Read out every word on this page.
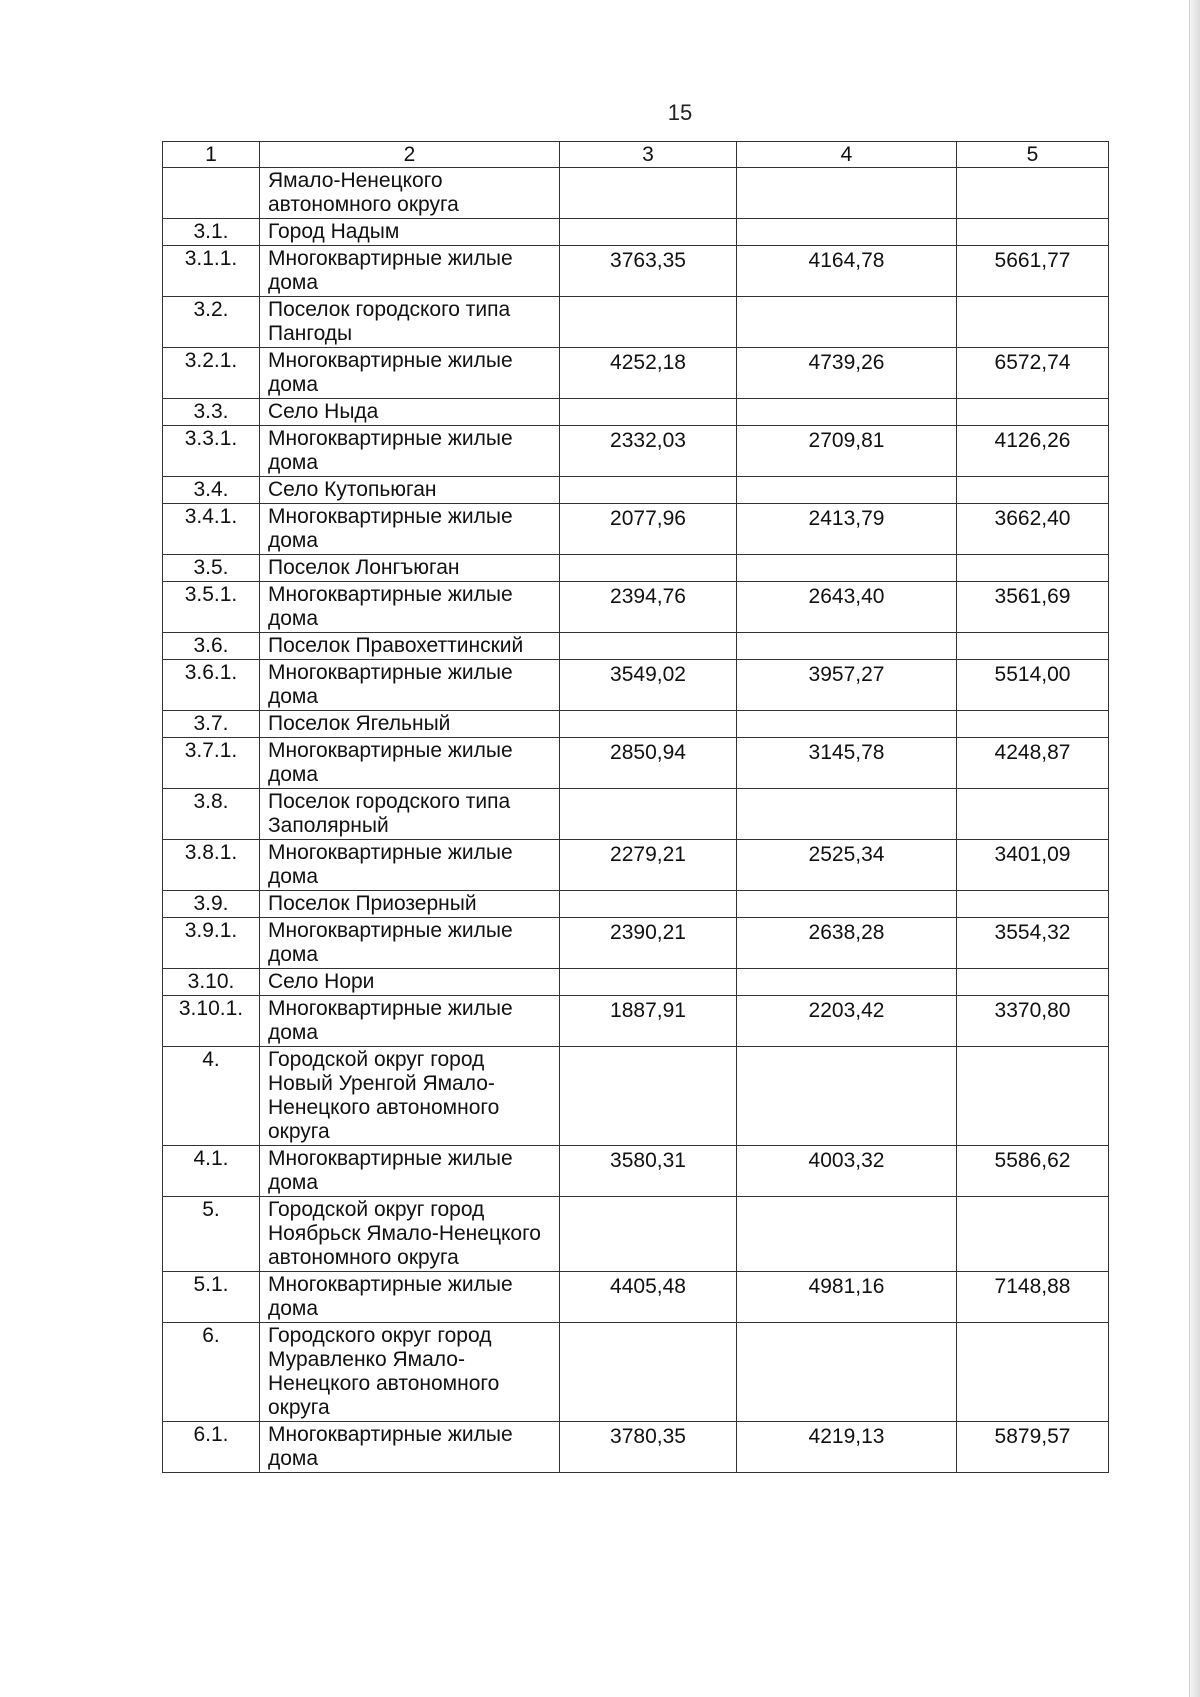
15
1	2	3	4	5
	Ямало-Ненецкого автономного округа			
3.1.	Город Надым			
3.1.1.	Многоквартирные жилые дома	3763,35	4164,78	5661,77
3.2.	Поселок городского типа Пангоды			
3.2.1.	Многоквартирные жилые дома	4252,18	4739,26	6572,74
3.3.	Село Ныда			
3.3.1.	Многоквартирные жилые дома	2332,03	2709,81	4126,26
3.4.	Село Кутопьюган			
3.4.1.	Многоквартирные жилые дома	2077,96	2413,79	3662,40
3.5.	Поселок Лонгъюган			
3.5.1.	Многоквартирные жилые дома	2394,76	2643,40	3561,69
3.6.	Поселок Правохеттинский			
3.6.1.	Многоквартирные жилые дома	3549,02	3957,27	5514,00
3.7.	Поселок Ягельный			
3.7.1.	Многоквартирные жилые дома	2850,94	3145,78	4248,87
3.8.	Поселок городского типа Заполярный			
3.8.1.	Многоквартирные жилые дома	2279,21	2525,34	3401,09
3.9.	Поселок Приозерный			
3.9.1.	Многоквартирные жилые дома	2390,21	2638,28	3554,32
3.10.	Село Нори			
3.10.1.	Многоквартирные жилые дома	1887,91	2203,42	3370,80
4.	Городской округ город Новый Уренгой Ямало-Ненецкого автономного округа			
4.1.	Многоквартирные жилые дома	3580,31	4003,32	5586,62
5.	Городской округ город Ноябрьск Ямало-Ненецкого автономного округа			
5.1.	Многоквартирные жилые дома	4405,48	4981,16	7148,88
6.	Городского округ город Муравленко Ямало-Ненецкого автономного округа			
6.1.	Многоквартирные жилые дома	3780,35	4219,13	5879,57
